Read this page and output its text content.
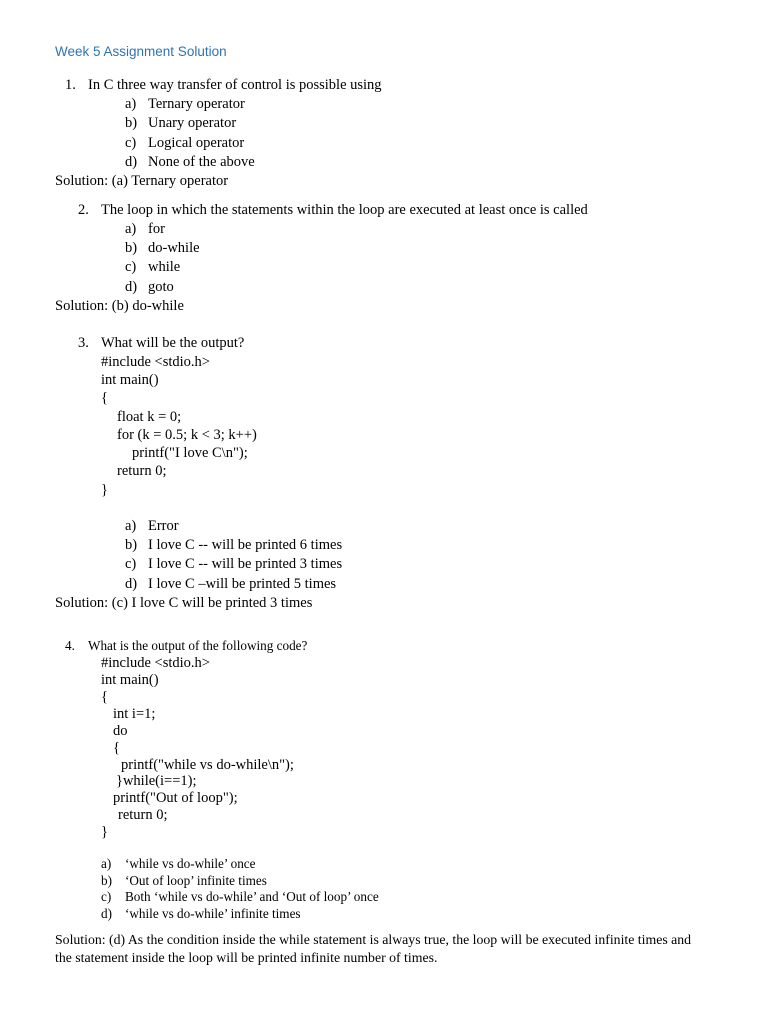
Week 5 Assignment Solution
1. In C three way transfer of control is possible using
a) Ternary operator
b) Unary operator
c) Logical operator
d) None of the above
Solution: (a) Ternary operator
2. The loop in which the statements within the loop are executed at least once is called
a) for
b) do-while
c) while
d) goto
Solution: (b) do-while
3. What will be the output?
#include <stdio.h>
int main()
{
float k = 0;
for (k = 0.5; k < 3; k++)
printf("I love C\n");
return 0;
}
a) Error
b) I love C -- will be printed 6 times
c) I love C -- will be printed 3 times
d) I love C –will be printed 5 times
Solution: (c) I love C will be printed 3 times
4. What is the output of the following code?
#include <stdio.h>
int main()
{
int i=1;
do
{
printf("while vs do-while\n");
}while(i==1);
printf("Out of loop");
return 0;
}
a) ‘while vs do-while’ once
b) ‘Out of loop’ infinite times
c) Both ‘while vs do-while’ and ‘Out of loop’ once
d) ‘while vs do-while’ infinite times
Solution: (d) As the condition inside the while statement is always true, the loop will be executed infinite times and
the statement inside the loop will be printed infinite number of times.
